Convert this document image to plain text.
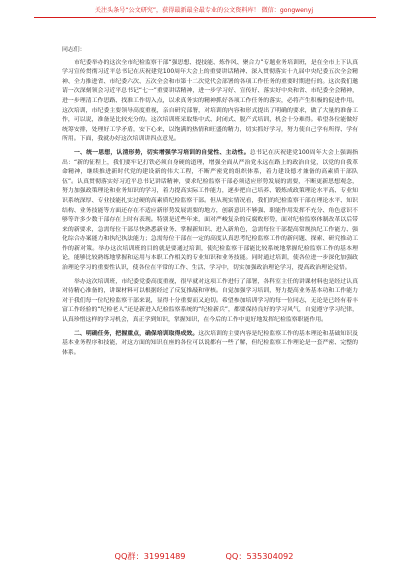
关注头条号“公文研究”，获得最新最全最专业的公文资料库！ 微信：gongwenyj

同志们：

市纪委举办的这次全市纪检监察干部“强思想、提技能、炼作风、聚合力”专题业务培训班，是在全市上下认真学习宣传贯彻习近平总书记在庆祝建党100周年大会上的重要讲话精神、深入贯彻落实十九届中央纪委五次全会精神、全力推进省、市纪委六次、五次全会和市第十二次党代会部署的各项工作任务的重要时期进行的。这次我们邀请一次深刻领会习近平总书记“七一”重要讲话精神，进一步学习好、宣传好、落实好中央和省、市纪委全会精神，进一步理清工作思路、找准工作切入点，以求真务实的精神抓好各项工作任务的落实，必将产生积极的促进作用。这次培训，市纪委主要领导高度重视，亲自研究部署，对培训的内容和形式提出了明确的要求，做了大量的准备工作，可以说，准备是比较充分的。这次培训班采取集中式、封闭式、脱产式培训，机会十分难得。希望各位能做好统筹安排，处理好工学矛盾，安下心来，以饱满的热情和旺盛的精力，切实抓好学习，努力使自己学有所得、学有所用。下面，我就办好这次培训讲四点意见。

一、统一思想，认清形势，切实增强学习培训的自觉性、主动性。总书记在庆祝建党100周年大会上强调指出：“新的征程上，我们要牢记打铁必须自身硬的道理，增强全面从严治党永远在路上的政治自觉，以党的自我革命精神，继续推进新时代党的建设新的伟大工程，不断严密党的组织体系，着力建设德才兼备的高素质干部队伍”。认真贯彻落实好习近平总书记讲话精神，要求纪检监察干部必须适应形势发展的需要，不断更新思想观念，努力加强政策理论和业务知识的学习，着力提高实际工作能力，逐步把自己培养、锻炼成政策理论水平高、专业知识系统深厚、专业技能扎实过硬的高素质纪检监察干部。但从现实情况看，我们的纪检监察干部在理论水平、知识结构、业务技能等方面还存在不适应新形势发展需要的地方，创新意识不够强、职能作用发挥不充分、角色意识不够等许多少数干部存在上时有表现。特别是近些年来，面对严峻复杂的反腐败形势，面对纪检监察体制改革以后带来的新要求，急需每位干部尽快熟悉新业务、掌握新知识、进入新角色，急需每位干部提高常规执纪工作能力、强化综合办案能力和执纪执法能力；急需每位干部在一定的高度认真思考纪检监察工作的新问题、探索、研究推动工作的新对策。举办这次培训班的目的就是要通过培训，使纪检监察干部能比较系统地掌握纪检监察工作的基本理论，能够比较熟练地掌握和运用与本职工作相关的专业知识和业务技能。同时通过培训，使各位进一步深化加强政治理论学习的重要性认识，使各位在平常的工作、生活、学习中，切实加强政治理论学习，提高政治理论觉悟。

举办这次培训班，市纪委党委高度重视，很早就对这项工作进行了部署，各科室主任的讲课材料也是经过认真对待精心准备的，讲课材料可以根据经过了反复推敲和审核。自觉加强学习培训，努力提高业务基本功和工作能力对于我们每一位纪检监察干部来说，显得十分重要而又迫切。希望参加培训学习的每一位同志，无论是已经有着丰富工作经验的“纪检老人”还是新进入纪检监察系统的“纪检新兵”，都要保持良好的学习风气，自觉遵守学习纪律，认真珍惜这样的学习机会，真正学到知识，掌握知识，在今后的工作中更好地发挥纪检监察职能作用。

二、明确任务，把握重点，确保培训取得成效。这次培训的主要内容是纪检监察工作的基本理论和基础知识及基本业务程序和技能，对这方面的知识在座的各位可以说都有一些了解，但纪检监察工作理论是一套严密、完整的体系。

QQ群：31991489	QQ：535304092
